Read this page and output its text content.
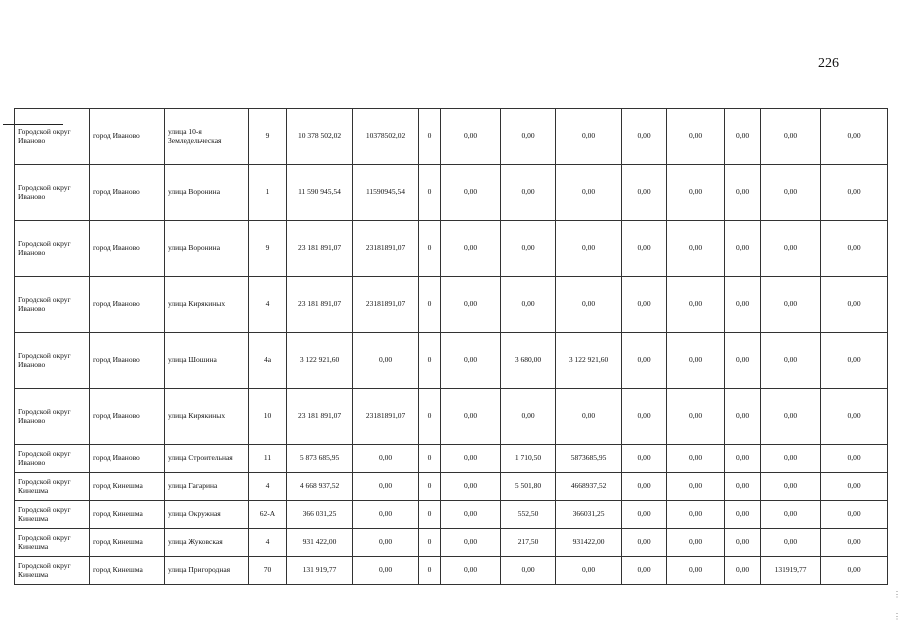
226
⋮
⋮
Городской округ Иваново	город Иваново	улица 10-я Земледельческая	9	10 378 502,02	10378502,02	0	0,00	0,00	0,00	0,00	0,00	0,00	0,00	0,00
Городской округ Иваново	город Иваново	улица Воронина	1	11 590 945,54	11590945,54	0	0,00	0,00	0,00	0,00	0,00	0,00	0,00	0,00
Городской округ Иваново	город Иваново	улица Воронина	9	23 181 891,07	23181891,07	0	0,00	0,00	0,00	0,00	0,00	0,00	0,00	0,00
Городской округ Иваново	город Иваново	улица Кирякиных	4	23 181 891,07	23181891,07	0	0,00	0,00	0,00	0,00	0,00	0,00	0,00	0,00
Городской округ Иваново	город Иваново	улица Шошина	4а	3 122 921,60	0,00	0	0,00	3 680,00	3 122 921,60	0,00	0,00	0,00	0,00	0,00
Городской округ Иваново	город Иваново	улица Кирякиных	10	23 181 891,07	23181891,07	0	0,00	0,00	0,00	0,00	0,00	0,00	0,00	0,00
Городской округ Иваново	город Иваново	улица Строительная	11	5 873 685,95	0,00	0	0,00	1 710,50	5873685,95	0,00	0,00	0,00	0,00	0,00
Городской округ Кинешма	город Кинешма	улица Гагарина	4	4 668 937,52	0,00	0	0,00	5 501,80	4668937,52	0,00	0,00	0,00	0,00	0,00
Городской округ Кинешма	город Кинешма	улица Окружная	62-А	366 031,25	0,00	0	0,00	552,50	366031,25	0,00	0,00	0,00	0,00	0,00
Городской округ Кинешма	город Кинешма	улица Жуковская	4	931 422,00	0,00	0	0,00	217,50	931422,00	0,00	0,00	0,00	0,00	0,00
Городской округ Кинешма	город Кинешма	улица Пригородная	70	131 919,77	0,00	0	0,00	0,00	0,00	0,00	0,00	0,00	131919,77	0,00
